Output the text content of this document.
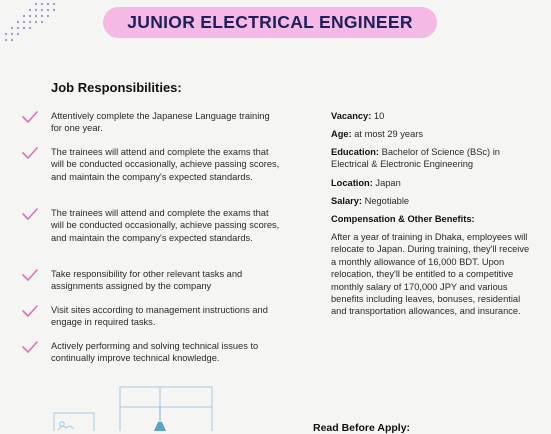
JUNIOR ELECTRICAL ENGINEER
Job Responsibilities:
Attentively complete the Japanese Language training for one year.
The trainees will attend and complete the exams that will be conducted occasionally, achieve passing scores, and maintain the company's expected standards.
The trainees will attend and complete the exams that will be conducted occasionally, achieve passing scores, and maintain the company's expected standards.
Take responsibility for other relevant tasks and assignments assigned by the company
Visit sites according to management instructions and engage in required tasks.
Actively performing and solving technical issues to continually improve technical knowledge.
Vacancy: 10
Age: at most 29 years
Education: Bachelor of Science (BSc) in Electrical & Electronic Engineering
Location: Japan
Salary: Negotiable
Compensation & Other Benefits:
After a year of training in Dhaka, employees will relocate to Japan. During training, they'll receive a monthly allowance of 16,000 BDT. Upon relocation, they'll be entitled to a competitive monthly salary of 170,000 JPY and various benefits including leaves, bonuses, residential and transportation allowances, and insurance.
Read Before Apply:
